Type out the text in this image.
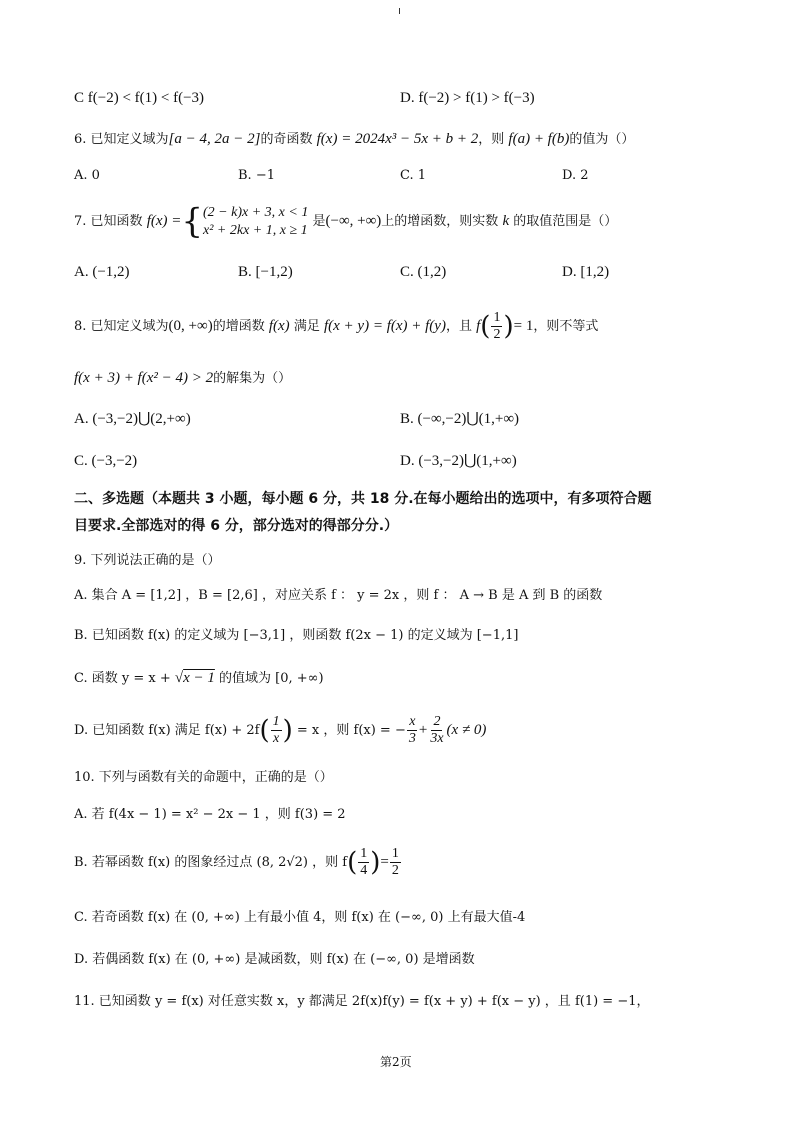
C f(−2) < f(1) < f(−3)	D. f(−2) > f(1) > f(−3)
6. 已知定义域为[a − 4, 2a − 2]的奇函数 f(x) = 2024x³ − 5x + b + 2，则 f(a) + f(b)的值为（）
A. 0	B. −1	C. 1	D. 2
7. 已知函数 f(x) ={ (2 − k)x + 3, x < 1
x² + 2kx + 1, x ≥ 1
是(−∞, +∞)上的增函数，则实数 k 的取值范围是（）
A. (−1,2)	B. [−1,2)	C. (1,2)	D. [1,2)
8. 已知定义域为(0, +∞)的增函数 f(x) 满足 f(x + y) = f(x) + f(y)，且 $f( \frac{1}{2}$ )= 1，则不等式
f(x + 3) + f(x² − 4) > 2的解集为（）
A. (−3,−2)⋃(2,+∞)	B. (−∞,−2)⋃(1,+∞)
C. (−3,−2)	D. (−3,−2)⋃(1,+∞)
二、多选题（本题共 3 小题，每小题 6 分，共 18 分.在每小题给出的选项中，有多项符合题
目要求.全部选对的得 6 分，部分选对的得部分分.）
9. 下列说法正确的是（）
A. 集合 A = [1,2] ，B = [2,6] ，对应关系 f ： y = 2x ，则 f ： A → B 是 A 到 B 的函数
B. 已知函数 f(x) 的定义域为 [−3,1] ，则函数 f(2x − 1) 的定义域为 [−1,1]
C. 函数 y = x + √x − 1 的值域为 [0, +∞)
D. 已知函数 f(x) 满足 $f(x) + 2f( \frac{1}{x}$ ) = x ，则 f(x) = − $\frac{x}{3} + \frac{2}{3x} (x \ne 0)$
10. 下列与函数有关的命题中，正确的是（）
A. 若 f(4x − 1) = x² − 2x − 1 ，则 f(3) = 2
B. 若幂函数 f(x) 的图象经过点 (8, 2√2) ，则 $f( \frac{1}{4}$ )= $\frac{1}{2}$
C. 若奇函数 f(x) 在 (0, +∞) 上有最小值 4，则 f(x) 在 (−∞, 0) 上有最大值-4
D. 若偶函数 f(x) 在 (0, +∞) 是减函数，则 f(x) 在 (−∞, 0) 是增函数
11. 已知函数 y = f(x) 对任意实数 x，y 都满足 2f(x)f(y) = f(x + y) + f(x − y) ，且 f(1) = −1，
第2页
